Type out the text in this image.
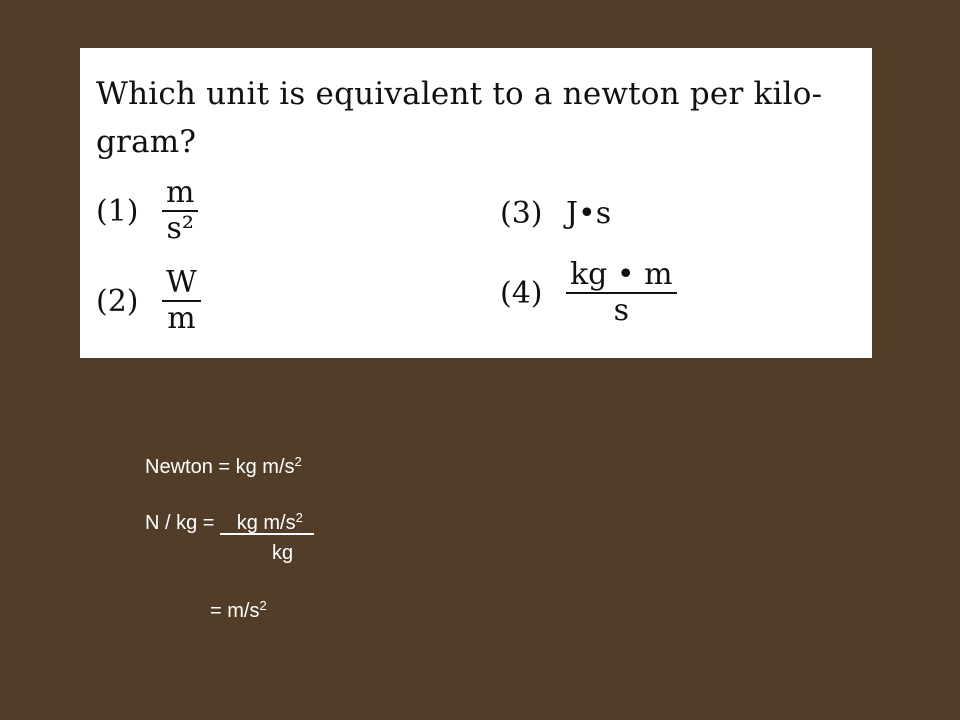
Which unit is equivalent to a newton per kilo-
gram?
$(1) \frac{m}{\text{s²}}$
$(2) \frac{W}{m}$
(3) J•s
$(4) \frac{kg • m}{s}$
Newton = kg $m/s^2$
N / kg =    kg $m/s^2$
kg
= $m/s^2$
